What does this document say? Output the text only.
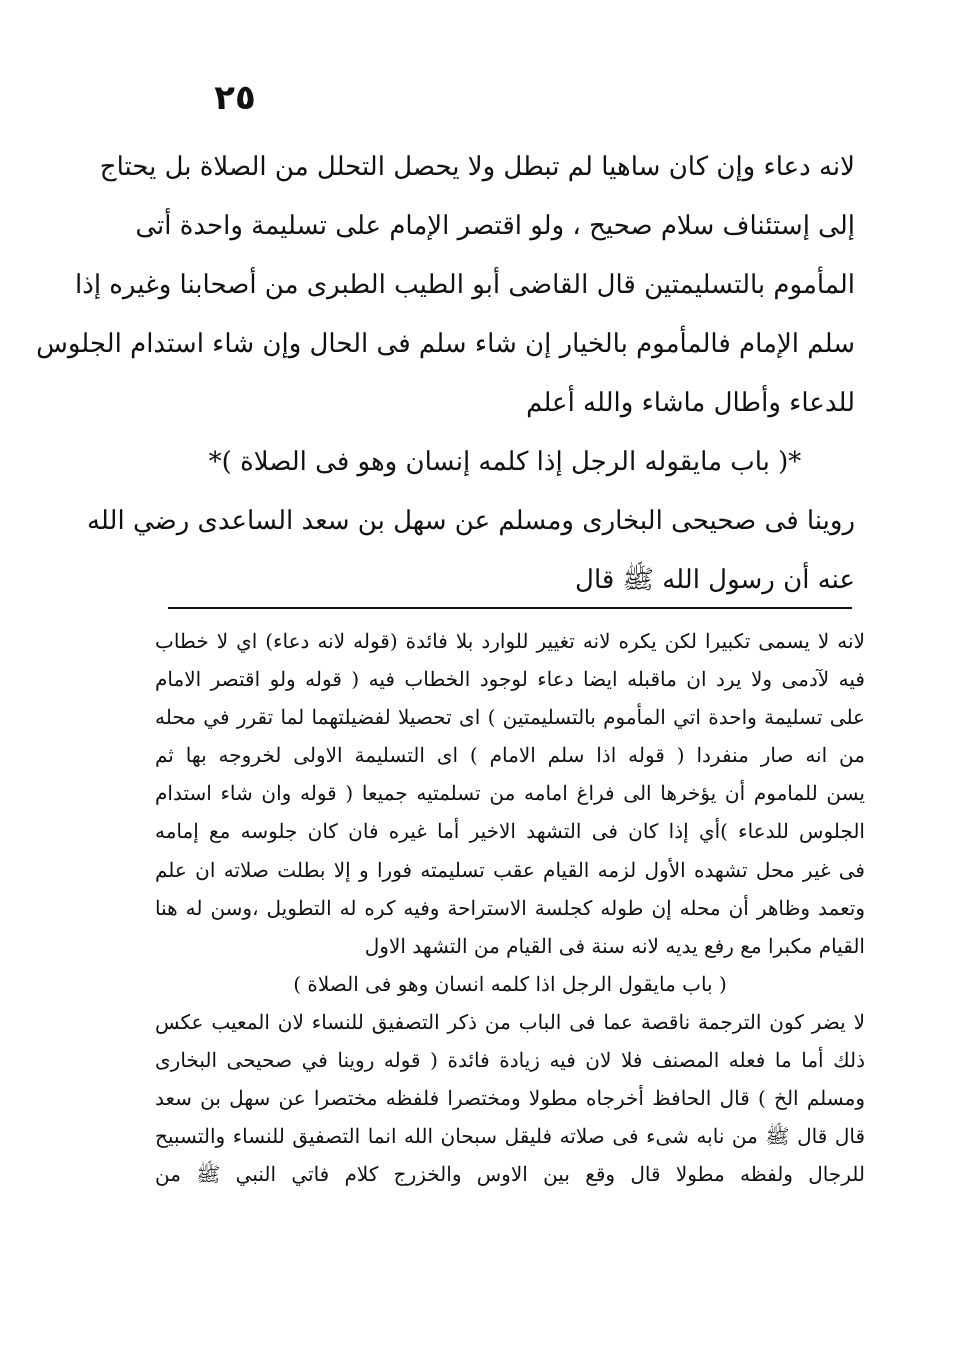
٢٥
لانه دعاء وإن كان ساهيا لم تبطل ولا يحصل التحلل من الصلاة بل يحتاج
إلى إستئناف سلام صحيح ، ولو اقتصر الإمام على تسليمة واحدة أتى
المأموم بالتسليمتين قال القاضى أبو الطيب الطبرى من أصحابنا وغيره إذا
سلم الإمام فالمأموم بالخيار إن شاء سلم فى الحال وإن شاء استدام الجلوس
للدعاء وأطال ماشاء والله أعلم
*( باب مايقوله الرجل إذا كلمه إنسان وهو فى الصلاة )*
روينا فى صحيحى البخارى ومسلم عن سهل بن سعد الساعدى رضي الله
عنه أن رسول الله ﷺ قال
لانه لا يسمى تكبيرا لكن يكره لانه تغيير للوارد بلا فائدة (قوله لانه دعاء) اي لا خطاب
فيه لآدمى ولا يرد ان ماقبله ايضا دعاء لوجود الخطاب فيه ( قوله ولو اقتصر الامام
على تسليمة واحدة اتي المأموم بالتسليمتين ) اى تحصيلا لفضيلتهما لما تقرر في محله
من انه صار منفردا ( قوله اذا سلم الامام ) اى التسليمة الاولى لخروجه بها ثم
يسن للماموم أن يؤخرها الى فراغ امامه من تسلمتيه جميعا ( قوله وان شاء استدام
الجلوس للدعاء )أي إذا كان فى التشهد الاخير أما غيره فان كان جلوسه مع إمامه
فى غير محل تشهده الأول لزمه القيام عقب تسليمته فورا و إلا بطلت صلاته ان علم
وتعمد وظاهر أن محله إن طوله كجلسة الاستراحة وفيه كره له التطويل ،وسن له هنا
القيام مكبرا مع رفع يديه لانه سنة فى القيام من التشهد الاول
( باب مايقول الرجل اذا كلمه انسان وهو فى الصلاة )
لا يضر كون الترجمة ناقصة عما فى الباب من ذكر التصفيق للنساء لان المعيب عكس
ذلك أما ما فعله المصنف فلا لان فيه زيادة فائدة ( قوله روينا في صحيحى البخارى
ومسلم الخ ) قال الحافظ أخرجاه مطولا ومختصرا فلفظه مختصرا عن سهل بن سعد
قال قال ﷺ من نابه شىء فى صلاته فليقل سبحان الله انما التصفيق للنساء والتسبيح
للرجال ولفظه مطولا قال وقع بين الاوس والخزرج كلام فاتي النبي ﷺ من
